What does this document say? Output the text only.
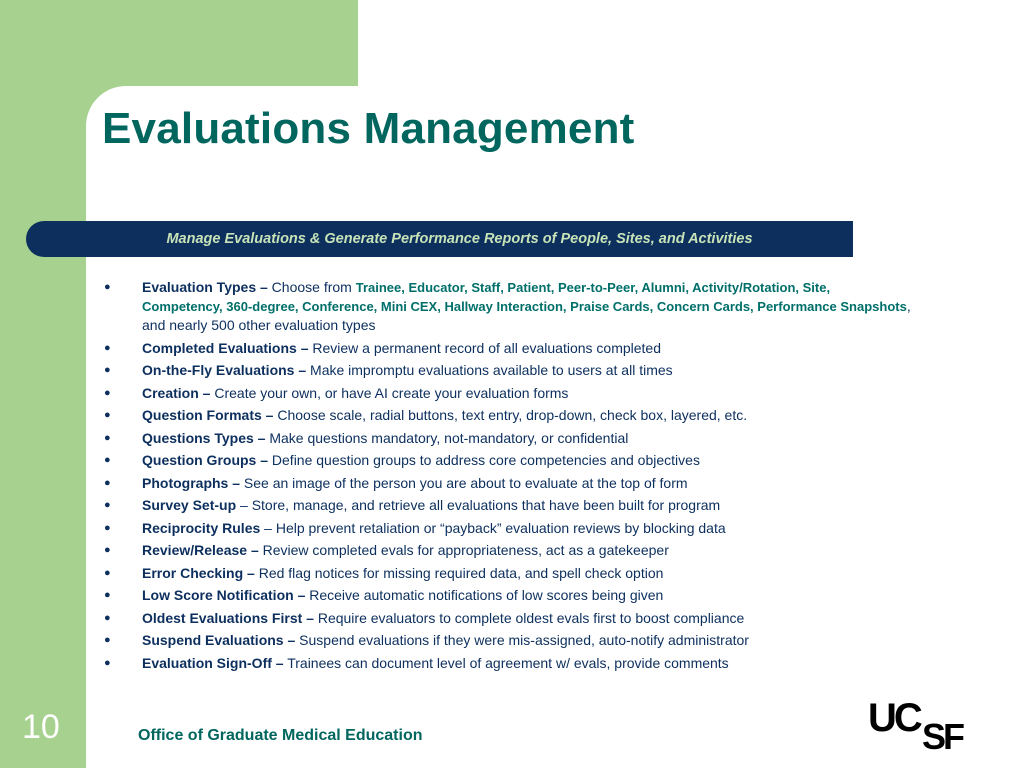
Evaluations Management
Manage Evaluations & Generate Performance Reports of People, Sites, and Activities
● Evaluation Types – Choose from Trainee, Educator, Staff, Patient, Peer-to-Peer, Alumni, Activity/Rotation, Site, Competency, 360-degree, Conference, Mini CEX, Hallway Interaction, Praise Cards, Concern Cards, Performance Snapshots, and nearly 500 other evaluation types
● Completed Evaluations – Review a permanent record of all evaluations completed
● On-the-Fly Evaluations – Make impromptu evaluations available to users at all times
● Creation – Create your own, or have AI create your evaluation forms
● Question Formats – Choose scale, radial buttons, text entry, drop-down, check box, layered, etc.
● Questions Types – Make questions mandatory, not-mandatory, or confidential
● Question Groups – Define question groups to address core competencies and objectives
● Photographs – See an image of the person you are about to evaluate at the top of form
● Survey Set-up – Store, manage, and retrieve all evaluations that have been built for program
● Reciprocity Rules – Help prevent retaliation or “payback” evaluation reviews by blocking data
● Review/Release – Review completed evals for appropriateness, act as a gatekeeper
● Error Checking – Red flag notices for missing required data, and spell check option
● Low Score Notification – Receive automatic notifications of low scores being given
● Oldest Evaluations First – Require evaluators to complete oldest evals first to boost compliance
● Suspend Evaluations – Suspend evaluations if they were mis-assigned, auto-notify administrator
● Evaluation Sign-Off – Trainees can document level of agreement w/ evals, provide comments
10	Office of Graduate Medical Education	UC SF
